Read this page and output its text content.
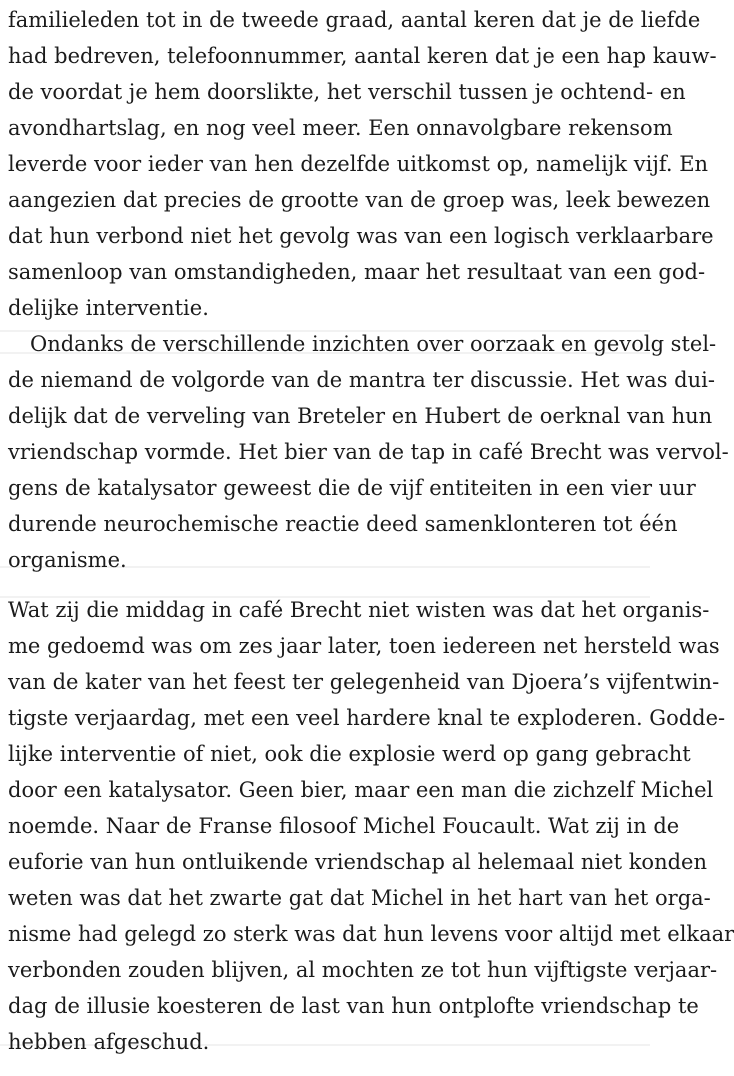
familieleden tot in de tweede graad, aantal keren dat je de liefde
had bedreven, telefoonnummer, aantal keren dat je een hap kauw-
de voordat je hem doorslikte, het verschil tussen je ochtend- en
avondhartslag, en nog veel meer. Een onnavolgbare rekensom
leverde voor ieder van hen dezelfde uitkomst op, namelijk vijf. En
aangezien dat precies de grootte van de groep was, leek bewezen
dat hun verbond niet het gevolg was van een logisch verklaarbare
samenloop van omstandigheden, maar het resultaat van een god-
delijke interventie.
Ondanks de verschillende inzichten over oorzaak en gevolg stel-
de niemand de volgorde van de mantra ter discussie. Het was dui-
delijk dat de verveling van Breteler en Hubert de oerknal van hun
vriendschap vormde. Het bier van de tap in café Brecht was vervol-
gens de katalysator geweest die de vijf entiteiten in een vier uur
durende neurochemische reactie deed samenklonteren tot één
organisme.
Wat zij die middag in café Brecht niet wisten was dat het organis-
me gedoemd was om zes jaar later, toen iedereen net hersteld was
van de kater van het feest ter gelegenheid van Djoera’s vijfentwin-
tigste verjaardag, met een veel hardere knal te exploderen. Godde-
lijke interventie of niet, ook die explosie werd op gang gebracht
door een katalysator. Geen bier, maar een man die zichzelf Michel
noemde. Naar de Franse filosoof Michel Foucault. Wat zij in de
euforie van hun ontluikende vriendschap al helemaal niet konden
weten was dat het zwarte gat dat Michel in het hart van het orga-
nisme had gelegd zo sterk was dat hun levens voor altijd met elkaar
verbonden zouden blijven, al mochten ze tot hun vijftigste verjaar-
dag de illusie koesteren de last van hun ontplofte vriendschap te
hebben afgeschud.
